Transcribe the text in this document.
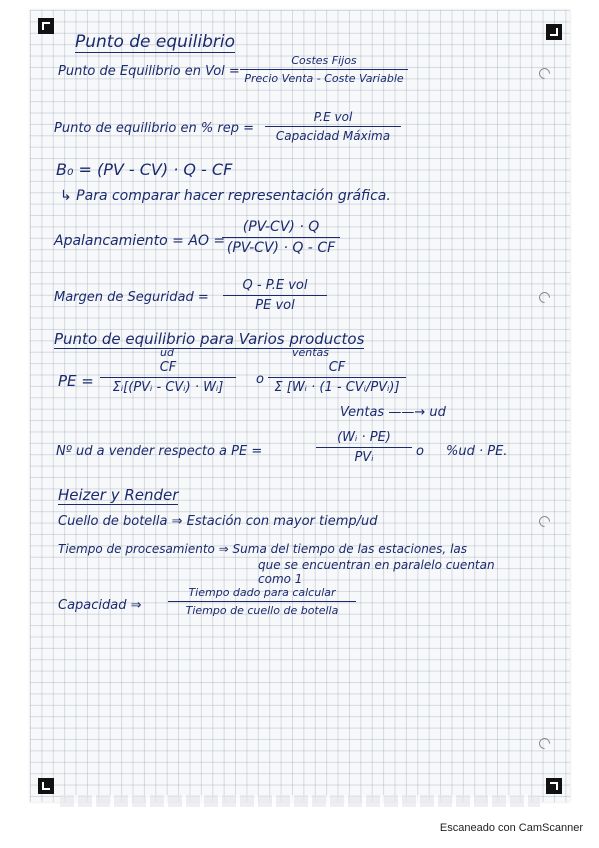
Punto de equilibrio
Punto de Equilibrio en Vol =
Costes Fijos
Precio Venta - Coste Variable
Punto de equilibrio en % rep =
P.E vol
Capacidad Máxima
B₀ = (PV - CV) · Q - CF
↳ Para comparar hacer representación gráfica.
Apalancamiento = AO =
$\frac{(PV-CV) \cdot Q}{(PV-CV) \cdot Q - CF}$
Margen de Seguridad =
Q - P.E vol
PE vol
Punto de equilibrio para Varios productos
ud
PE =
CF
Σᵢ[(PVᵢ - CVᵢ) · Wᵢ]
o
ventas
CF
Σ [Wᵢ · (1 - CVᵢ/PVᵢ)]
Ventas ——→ ud
Nº ud a vender respecto a PE =
(Wᵢ · PE)
PVᵢ	o %ud · PE.
Heizer y Render
Cuello de botella ⇒ Estación con mayor tiemp/ud
Tiempo de procesamiento ⇒ Suma del tiempo de las estaciones, las
que se encuentran en paralelo cuentan
como 1
Capacidad ⇒
Tiempo dado para calcular
Tiempo de cuello de botella
Escaneado con CamScanner
